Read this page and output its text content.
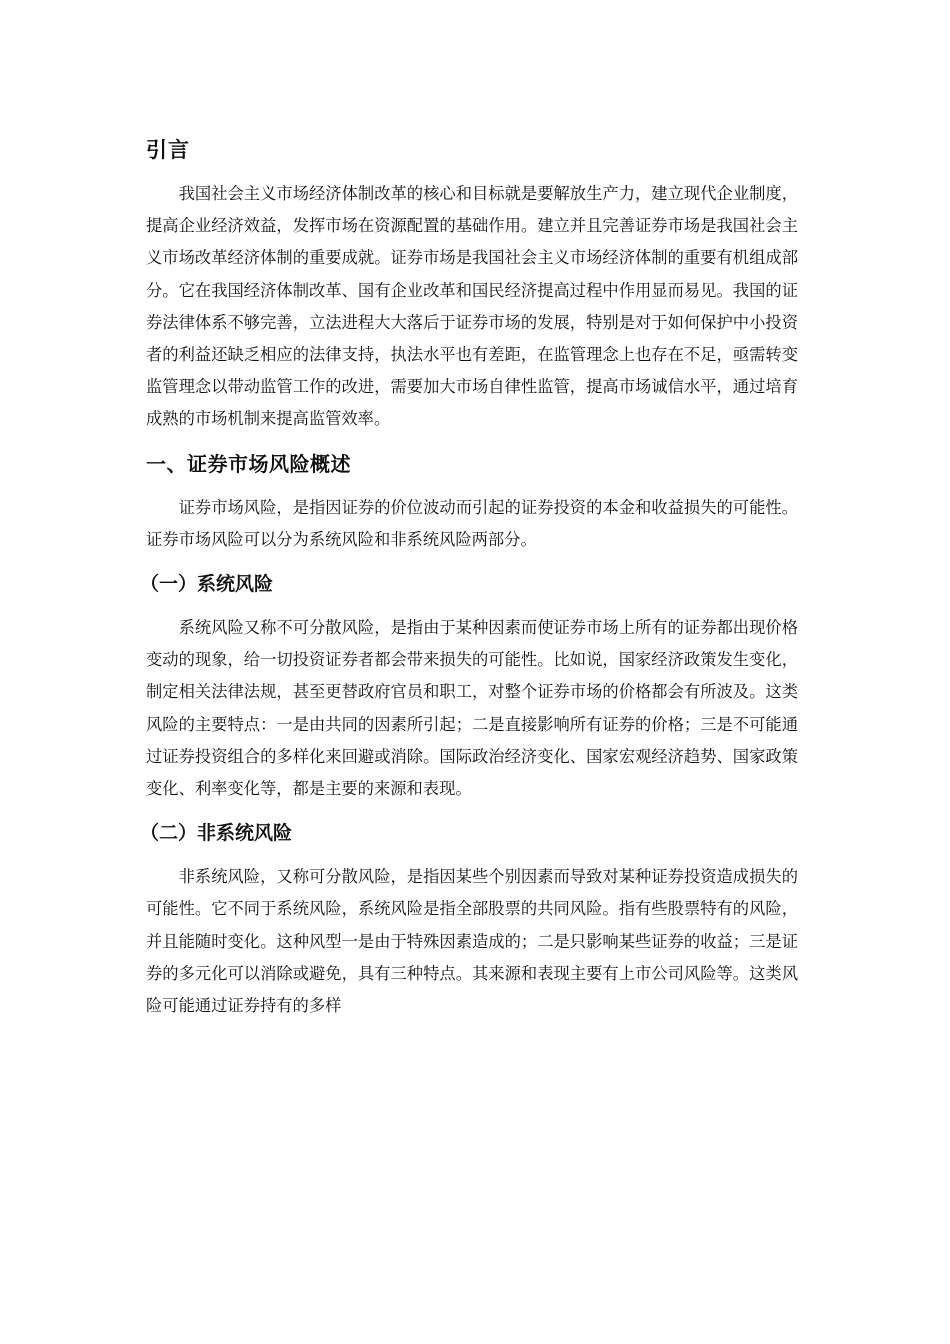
引言

我国社会主义市场经济体制改革的核心和目标就是要解放生产力，建立现代企业制度，提高企业经济效益，发挥市场在资源配置的基础作用。建立并且完善证券市场是我国社会主义市场改革经济体制的重要成就。证券市场是我国社会主义市场经济体制的重要有机组成部分。它在我国经济体制改革、国有企业改革和国民经济提高过程中作用显而易见。我国的证券法律体系不够完善，立法进程大大落后于证券市场的发展，特别是对于如何保护中小投资者的利益还缺乏相应的法律支持，执法水平也有差距，在监管理念上也存在不足，亟需转变监管理念以带动监管工作的改进，需要加大市场自律性监管，提高市场诚信水平，通过培育成熟的市场机制来提高监管效率。

一、证券市场风险概述

证券市场风险，是指因证券的价位波动而引起的证券投资的本金和收益损失的可能性。证券市场风险可以分为系统风险和非系统风险两部分。

（一）系统风险

系统风险又称不可分散风险，是指由于某种因素而使证券市场上所有的证券都出现价格变动的现象，给一切投资证券者都会带来损失的可能性。比如说，国家经济政策发生变化，制定相关法律法规，甚至更替政府官员和职工，对整个证券市场的价格都会有所波及。这类风险的主要特点：一是由共同的因素所引起；二是直接影响所有证券的价格；三是不可能通过证券投资组合的多样化来回避或消除。国际政治经济变化、国家宏观经济趋势、国家政策变化、利率变化等，都是主要的来源和表现。

（二）非系统风险

非系统风险，又称可分散风险，是指因某些个别因素而导致对某种证券投资造成损失的可能性。它不同于系统风险，系统风险是指全部股票的共同风险。指有些股票特有的风险，并且能随时变化。这种风型一是由于特殊因素造成的；二是只影响某些证券的收益；三是证券的多元化可以消除或避免，具有三种特点。其来源和表现主要有上市公司风险等。这类风险可能通过证券持有的多样
